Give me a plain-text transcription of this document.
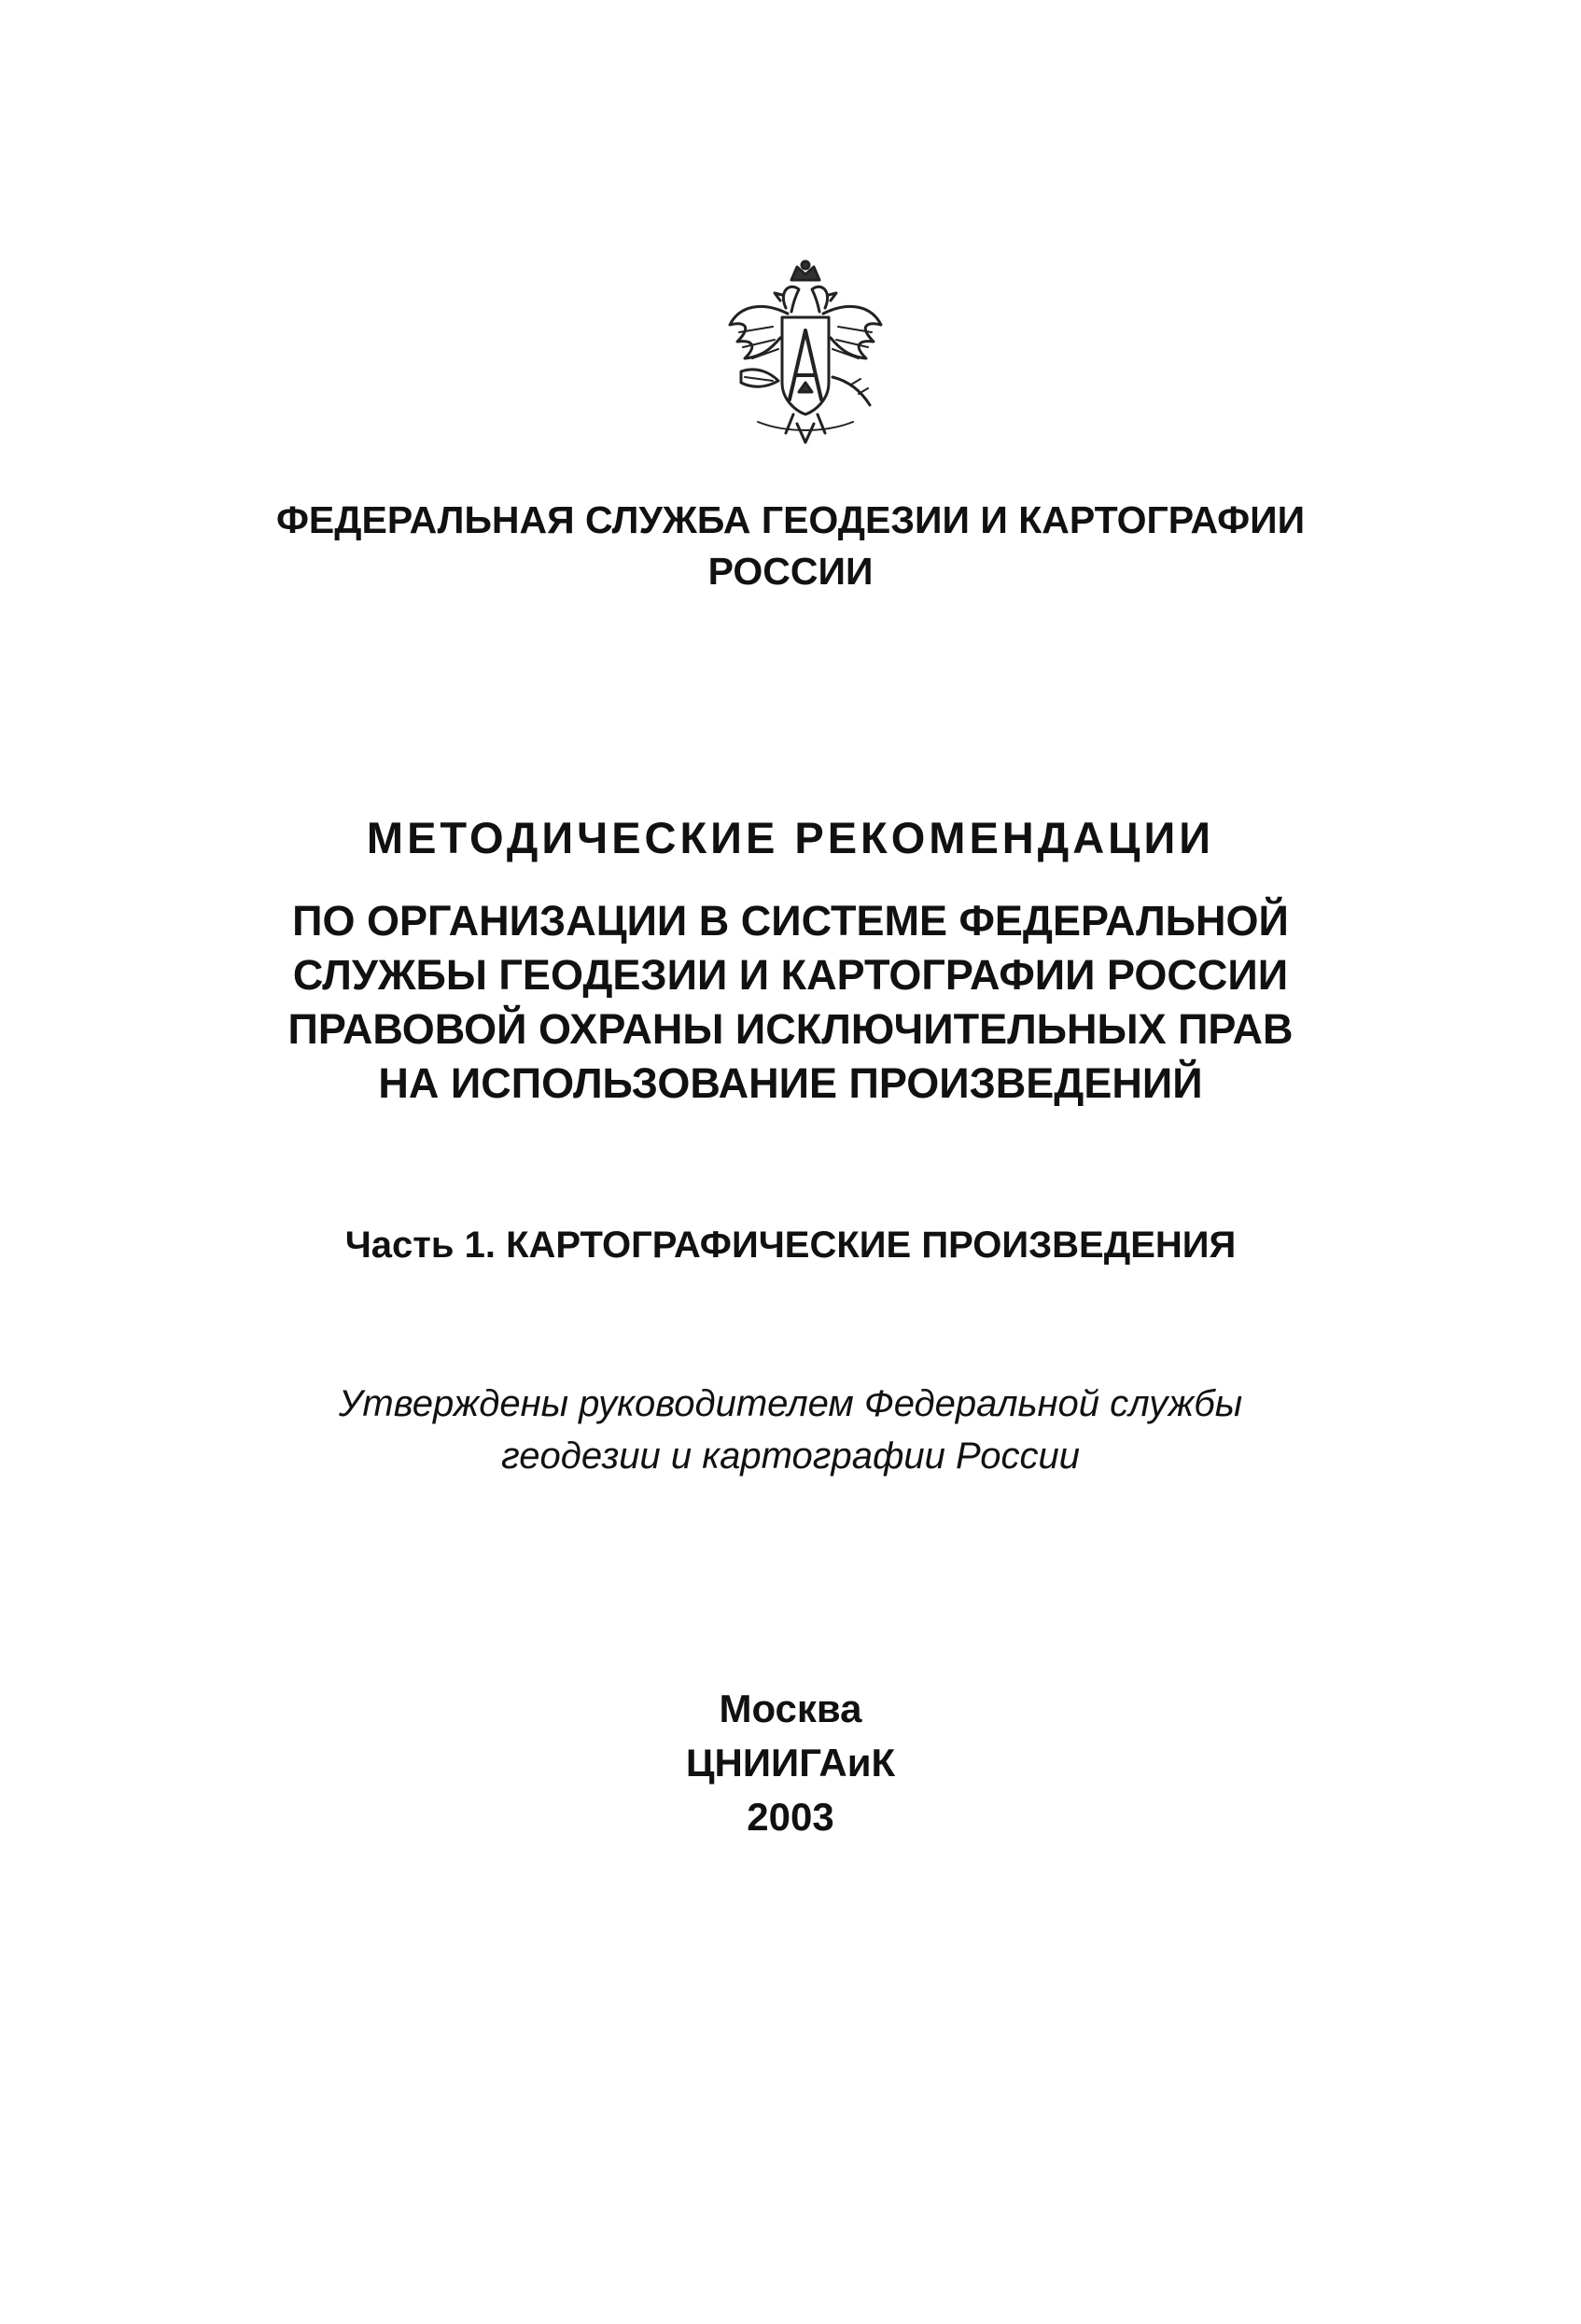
ФЕДЕРАЛЬНАЯ СЛУЖБА ГЕОДЕЗИИ И КАРТОГРАФИИ
РОССИИ
МЕТОДИЧЕСКИЕ РЕКОМЕНДАЦИИ
ПО ОРГАНИЗАЦИИ В СИСТЕМЕ ФЕДЕРАЛЬНОЙ
СЛУЖБЫ ГЕОДЕЗИИ И КАРТОГРАФИИ РОССИИ
ПРАВОВОЙ ОХРАНЫ ИСКЛЮЧИТЕЛЬНЫХ ПРАВ
НА ИСПОЛЬЗОВАНИЕ ПРОИЗВЕДЕНИЙ
Часть 1. КАРТОГРАФИЧЕСКИЕ ПРОИЗВЕДЕНИЯ
Утверждены руководителем Федеральной службы
геодезии и картографии России
Москва
ЦНИИГАиК
2003
